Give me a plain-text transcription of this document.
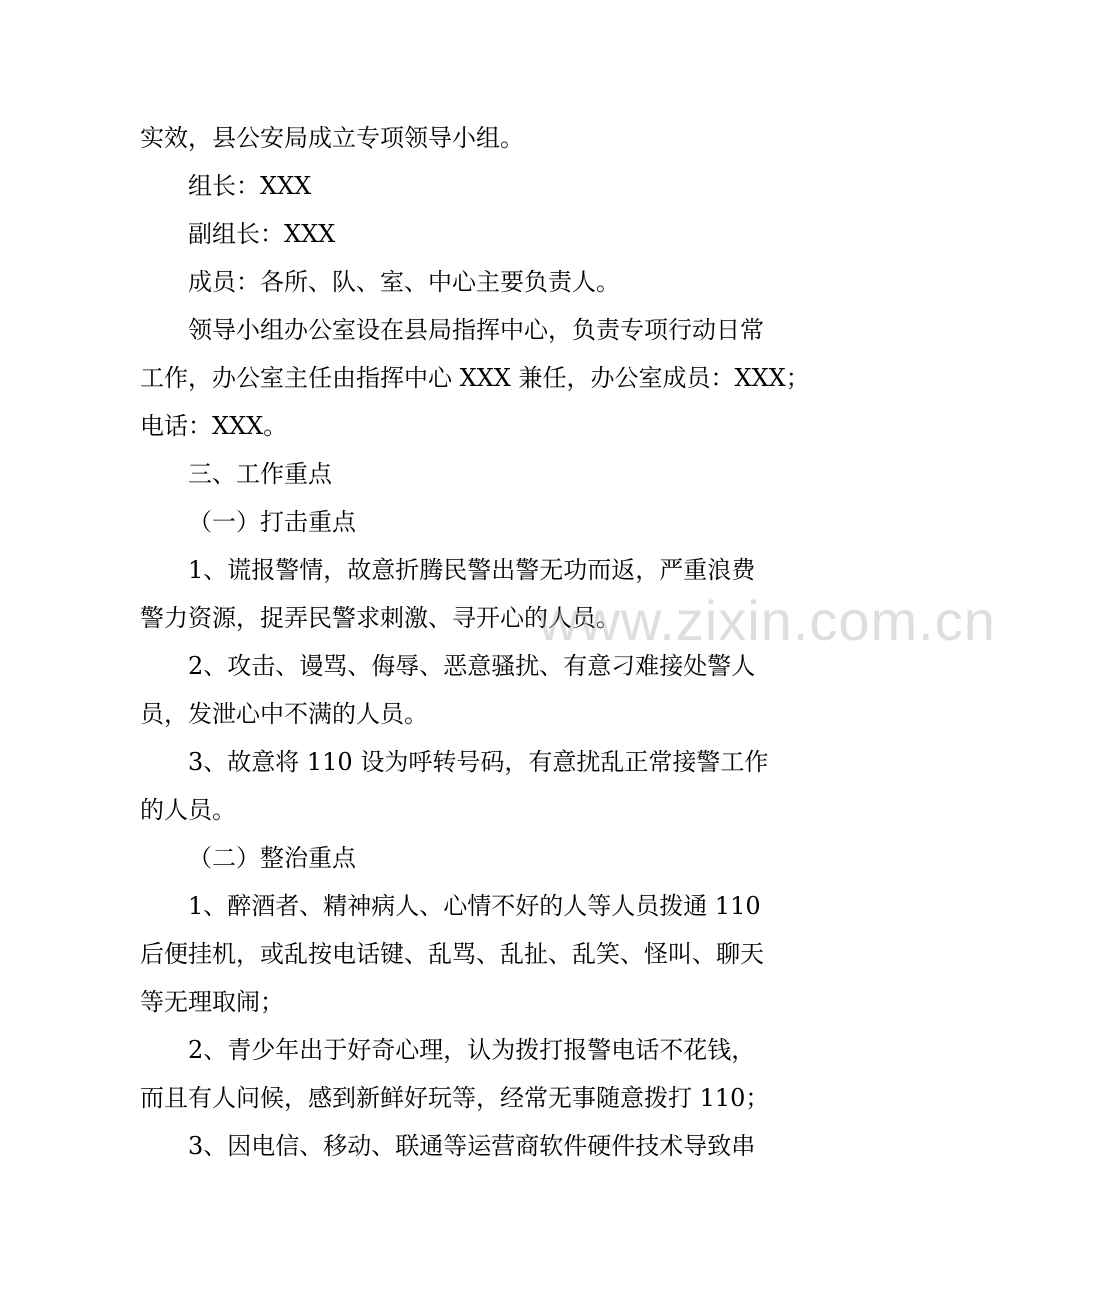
实效，县公安局成立专项领导小组。
组长：XXX
副组长：XXX
成员：各所、队、室、中心主要负责人。
领导小组办公室设在县局指挥中心，负责专项行动日常
工作，办公室主任由指挥中心 XXX 兼任，办公室成员：XXX；
电话：XXX。
三、工作重点
（一）打击重点
1、谎报警情，故意折腾民警出警无功而返，严重浪费
警力资源，捉弄民警求刺激、寻开心的人员。
2、攻击、谩骂、侮辱、恶意骚扰、有意刁难接处警人
员，发泄心中不满的人员。
3、故意将 110 设为呼转号码，有意扰乱正常接警工作
的人员。
（二）整治重点
1、醉酒者、精神病人、心情不好的人等人员拨通 110
后便挂机，或乱按电话键、乱骂、乱扯、乱笑、怪叫、聊天
等无理取闹；
2、青少年出于好奇心理，认为拨打报警电话不花钱，
而且有人问候，感到新鲜好玩等，经常无事随意拨打 110；
3、因电信、移动、联通等运营商软件硬件技术导致串
www.zixin.com.cn
